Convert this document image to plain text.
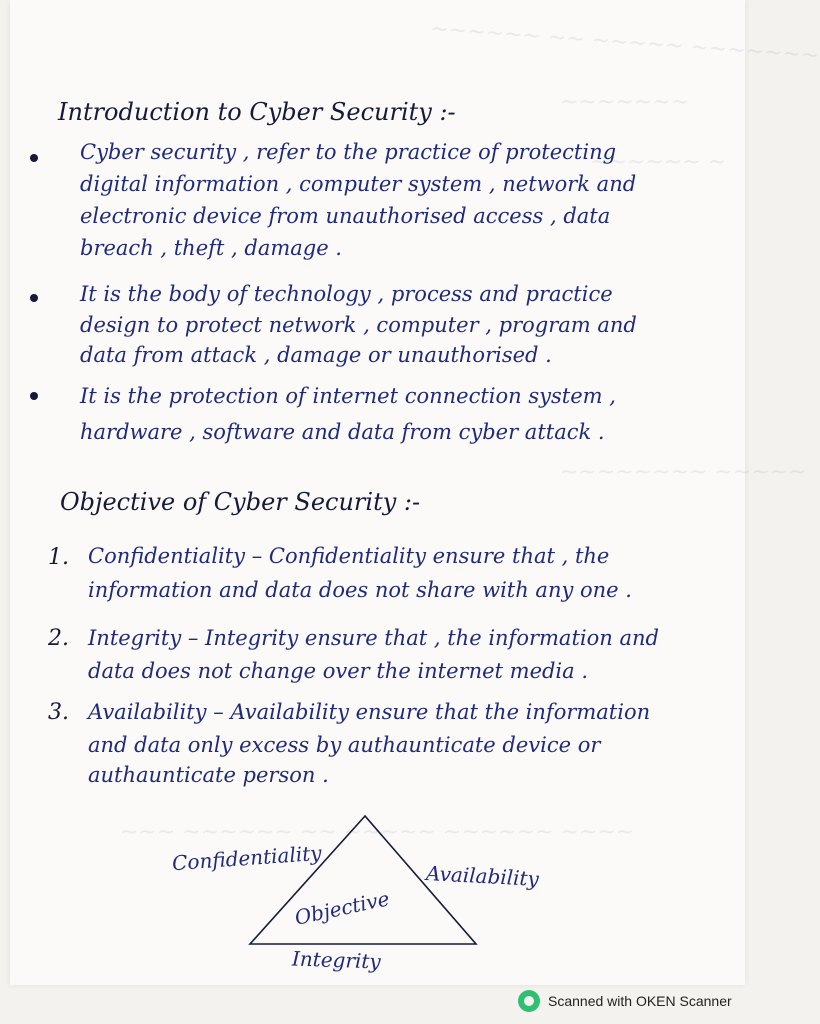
~~~~~~ ~~ ~~~~~ ~~~~~~~
~~~~~~~
~~~~~~ ~
~~~~~~~~ ~~~~~
~~~ ~~~~~~ ~~ ~~~~~ ~~~~~~ ~~~~
Introduction to Cyber Security :-
Cyber security , refer to the practice of protecting
digital information , computer system , network and
electronic device from unauthorised access , data
breach , theft , damage .
It is the body of technology , process and practice
design to protect network , computer , program and
data from attack , damage or unauthorised .
It is the protection of internet connection system ,
hardware , software and data from cyber attack .
Objective of Cyber Security :-
1. Confidentiality – Confidentiality ensure that , the
information and data does not share with any one .
2. Integrity – Integrity ensure that , the information and
data does not change over the internet media .
3. Availability – Availability ensure that the information
and data only excess by authaunticate device or
authaunticate person .
Confidentiality
Availability
Objective
Integrity
Scanned with OKEN Scanner
